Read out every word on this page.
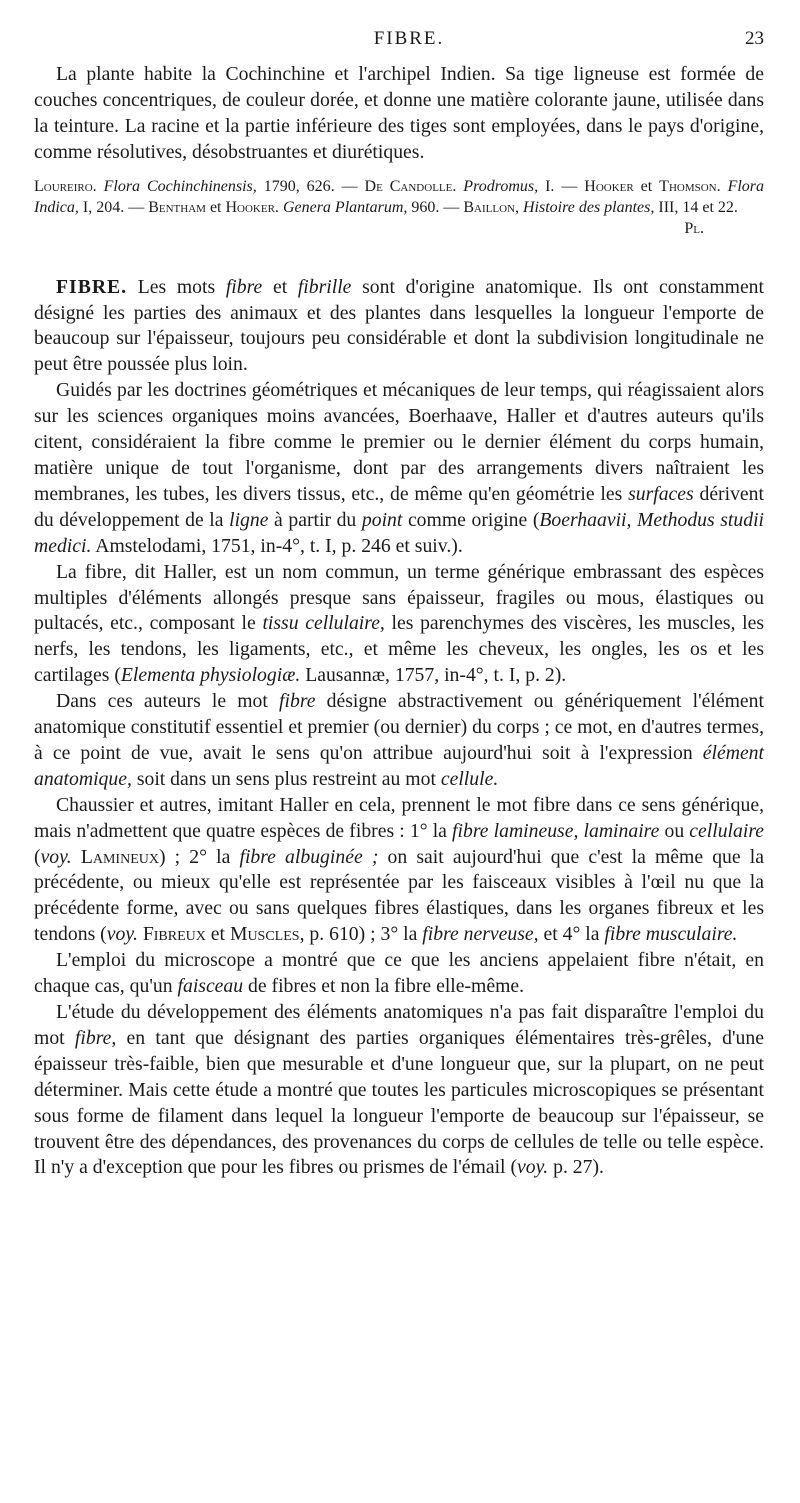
FIBRE.	23

La plante habite la Cochinchine et l'archipel Indien. Sa tige ligneuse est formée de couches concentriques, de couleur dorée, et donne une matière colorante jaune, utilisée dans la teinture. La racine et la partie inférieure des tiges sont employées, dans le pays d'origine, comme résolutives, désobstruantes et diurétiques.

Loureiro. Flora Cochinchinensis, 1790, 626. — De Candolle. Prodromus, I. — Hooker et Thomson. Flora Indica, I, 204. — Bentham et Hooker. Genera Plantarum, 960. — Baillon, Histoire des plantes, III, 14 et 22.
Pl.

FIBRE. Les mots fibre et fibrille sont d'origine anatomique. Ils ont constamment désigné les parties des animaux et des plantes dans lesquelles la longueur l'emporte de beaucoup sur l'épaisseur, toujours peu considérable et dont la subdivision longitudinale ne peut être poussée plus loin.

Guidés par les doctrines géométriques et mécaniques de leur temps, qui réagissaient alors sur les sciences organiques moins avancées, Boerhaave, Haller et d'autres auteurs qu'ils citent, considéraient la fibre comme le premier ou le dernier élément du corps humain, matière unique de tout l'organisme, dont par des arrangements divers naîtraient les membranes, les tubes, les divers tissus, etc., de même qu'en géométrie les surfaces dérivent du développement de la ligne à partir du point comme origine (Boerhaavii, Methodus studii medici. Amstelodami, 1751, in-4°, t. I, p. 246 et suiv.).

La fibre, dit Haller, est un nom commun, un terme générique embrassant des espèces multiples d'éléments allongés presque sans épaisseur, fragiles ou mous, élastiques ou pultacés, etc., composant le tissu cellulaire, les parenchymes des viscères, les muscles, les nerfs, les tendons, les ligaments, etc., et même les cheveux, les ongles, les os et les cartilages (Elementa physiologiæ. Lausannæ, 1757, in-4°, t. I, p. 2).

Dans ces auteurs le mot fibre désigne abstractivement ou génériquement l'élément anatomique constitutif essentiel et premier (ou dernier) du corps ; ce mot, en d'autres termes, à ce point de vue, avait le sens qu'on attribue aujourd'hui soit à l'expression élément anatomique, soit dans un sens plus restreint au mot cellule.

Chaussier et autres, imitant Haller en cela, prennent le mot fibre dans ce sens générique, mais n'admettent que quatre espèces de fibres : 1° la fibre lamineuse, laminaire ou cellulaire (voy. Lamineux) ; 2° la fibre albuginée ; on sait aujourd'hui que c'est la même que la précédente, ou mieux qu'elle est représentée par les faisceaux visibles à l'œil nu que la précédente forme, avec ou sans quelques fibres élastiques, dans les organes fibreux et les tendons (voy. Fibreux et Muscles, p. 610) ; 3° la fibre nerveuse, et 4° la fibre musculaire.

L'emploi du microscope a montré que ce que les anciens appelaient fibre n'était, en chaque cas, qu'un faisceau de fibres et non la fibre elle-même.

L'étude du développement des éléments anatomiques n'a pas fait disparaître l'emploi du mot fibre, en tant que désignant des parties organiques élémentaires très-grêles, d'une épaisseur très-faible, bien que mesurable et d'une longueur que, sur la plupart, on ne peut déterminer. Mais cette étude a montré que toutes les particules microscopiques se présentant sous forme de filament dans lequel la longueur l'emporte de beaucoup sur l'épaisseur, se trouvent être des dépendances, des provenances du corps de cellules de telle ou telle espèce. Il n'y a d'exception que pour les fibres ou prismes de l'émail (voy. p. 27).
